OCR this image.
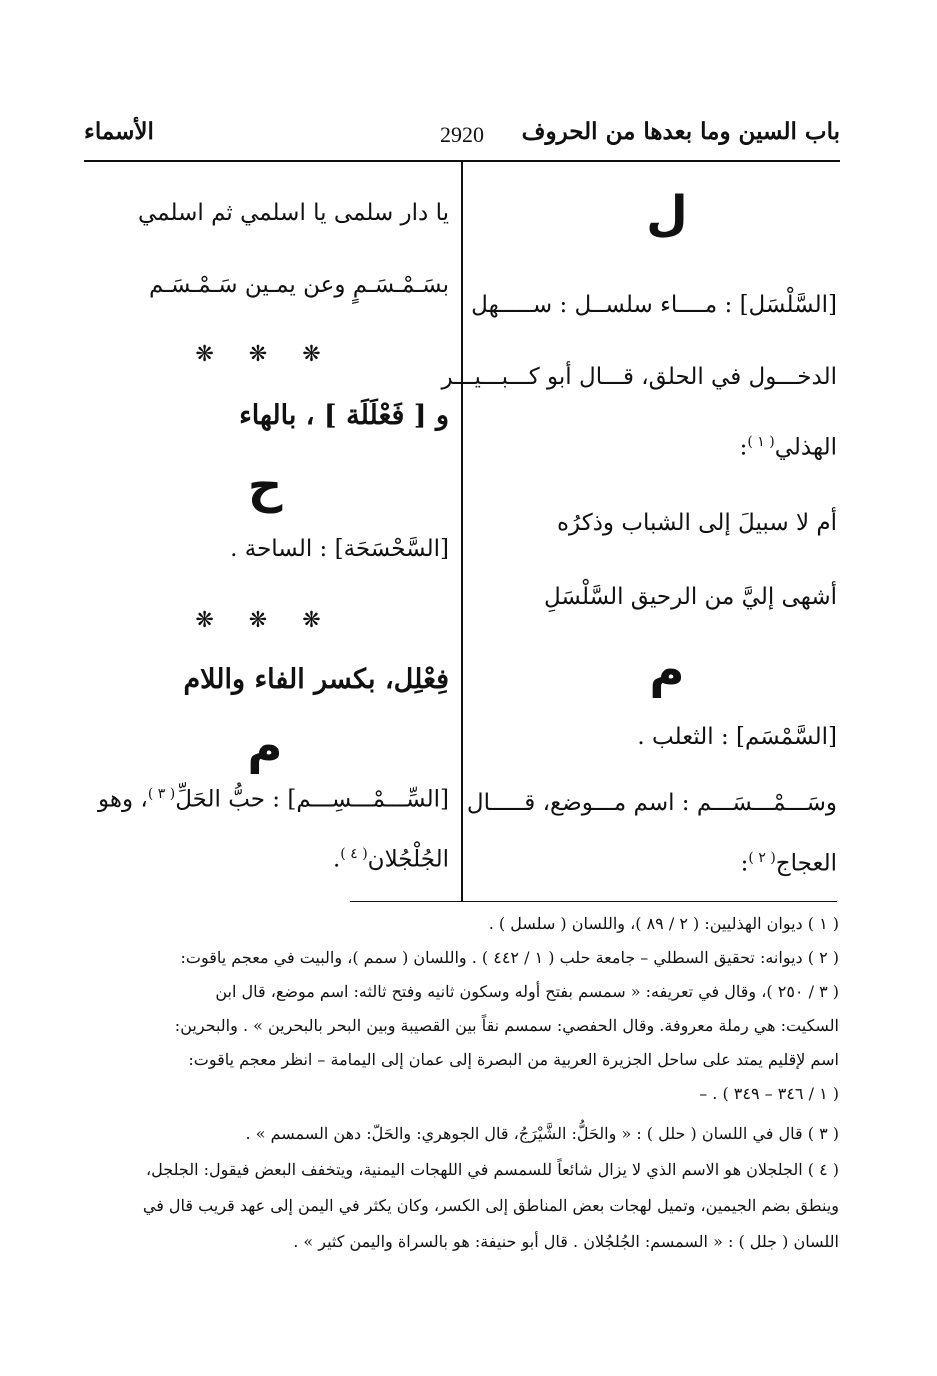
باب السين وما بعدها من الحروف
2920
الأسماء
ل
[السَّلْسَل] : مــــاء سلســل : ســـــهل
الدخـــول في الحلق، قـــال أبو كـــبـــيـــر
الهذلي$^{( ١ )}$:
أم لا سبيلَ إلى الشباب وذكرُه
أشهى إليَّ من الرحيق السَّلْسَلِ
م
[السَّمْسَم] : الثعلب .
وسَـــمْـــسَـــم : اسم مـــوضع، قـــــال
العجاج$^{( ٢ )}$:
يا دار سلمى يا اسلمي ثم اسلمي
بسَـمْـسَـمٍ وعن يمـين سَـمْـسَـم
❋ ❋ ❋
و [ فَعْلَلَة ] ، بالهاء
ح
[السَّحْسَحَة] : الساحة .
❋ ❋ ❋
فِعْلِل، بكسر الفاء واللام
م
[السِّـــمْـــسِـــم] : حبُّ الحَلِّ$^{( ٣ )}$، وهو
الجُلْجُلان$^{( ٤ )}$.
( ١ ) ديوان الهذليين: ( ٢ / ٨٩ )، واللسان ( سلسل ) .
( ٢ ) ديوانه: تحقيق السطلي – جامعة حلب ( ١ / ٤٤٢ ) . واللسان ( سمم )، والبيت في معجم ياقوت:
( ٣ / ٢٥٠ )، وقال في تعريفه: « سمسم بفتح أوله وسكون ثانيه وفتح ثالثه: اسم موضع، قال ابن
السكيت: هي رملة معروفة. وقال الحفصي: سمسم نقاً بين القصيبة وبين البحر بالبحرين » . والبحرين:
اسم لإقليم يمتد على ساحل الجزيرة العربية من البصرة إلى عمان إلى اليمامة – انظر معجم ياقوت:
( ١ / ٣٤٦ – ٣٤٩ ) . –
( ٣ ) قال في اللسان ( حلل ) : « والحَلُّ: الشَّيْرَجُ، قال الجوهري: والحَلّ: دهن السمسم » .
( ٤ ) الجلجلان هو الاسم الذي لا يزال شائعاً للسمسم في اللهجات اليمنية، ويتخفف البعض فيقول: الجلجل،
وينطق بضم الجيمين، وتميل لهجات بعض المناطق إلى الكسر، وكان يكثر في اليمن إلى عهد قريب قال في
اللسان ( جلل ) : « السمسم: الجُلجُلان . قال أبو حنيفة: هو بالسراة واليمن كثير » .
